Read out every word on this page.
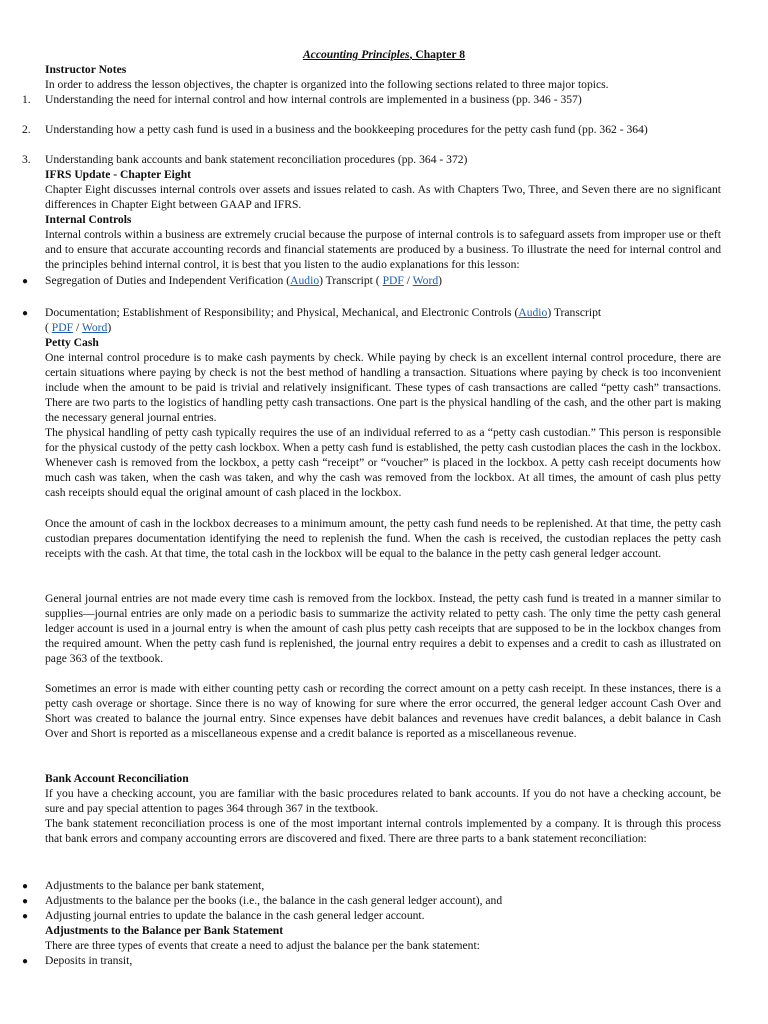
Accounting Principles, Chapter 8
Instructor Notes
In order to address the lesson objectives, the chapter is organized into the following sections related to three major topics.
1. Understanding the need for internal control and how internal controls are implemented in a business (pp. 346 - 357)
2. Understanding how a petty cash fund is used in a business and the bookkeeping procedures for the petty cash fund (pp. 362 - 364)
3. Understanding bank accounts and bank statement reconciliation procedures (pp. 364 - 372)
IFRS Update - Chapter Eight
Chapter Eight discusses internal controls over assets and issues related to cash. As with Chapters Two, Three, and Seven there are no significant differences in Chapter Eight between GAAP and IFRS.
Internal Controls
Internal controls within a business are extremely crucial because the purpose of internal controls is to safeguard assets from improper use or theft and to ensure that accurate accounting records and financial statements are produced by a business. To illustrate the need for internal control and the principles behind internal control, it is best that you listen to the audio explanations for this lesson:
● Segregation of Duties and Independent Verification (Audio) Transcript ( PDF / Word)
● Documentation; Establishment of Responsibility; and Physical, Mechanical, and Electronic Controls (Audio) Transcript
( PDF / Word)
Petty Cash
One internal control procedure is to make cash payments by check. While paying by check is an excellent internal control procedure, there are certain situations where paying by check is not the best method of handling a transaction. Situations where paying by check is too inconvenient include when the amount to be paid is trivial and relatively insignificant. These types of cash transactions are called “petty cash” transactions. There are two parts to the logistics of handling petty cash transactions. One part is the physical handling of the cash, and the other part is making the necessary general journal entries.
The physical handling of petty cash typically requires the use of an individual referred to as a “petty cash custodian.” This person is responsible for the physical custody of the petty cash lockbox. When a petty cash fund is established, the petty cash custodian places the cash in the lockbox. Whenever cash is removed from the lockbox, a petty cash “receipt” or “voucher” is placed in the lockbox. A petty cash receipt documents how much cash was taken, when the cash was taken, and why the cash was removed from the lockbox. At all times, the amount of cash plus petty cash receipts should equal the original amount of cash placed in the lockbox.
Once the amount of cash in the lockbox decreases to a minimum amount, the petty cash fund needs to be replenished. At that time, the petty cash custodian prepares documentation identifying the need to replenish the fund. When the cash is received, the custodian replaces the petty cash receipts with the cash. At that time, the total cash in the lockbox will be equal to the balance in the petty cash general ledger account.
General journal entries are not made every time cash is removed from the lockbox. Instead, the petty cash fund is treated in a manner similar to supplies—journal entries are only made on a periodic basis to summarize the activity related to petty cash. The only time the petty cash general ledger account is used in a journal entry is when the amount of cash plus petty cash receipts that are supposed to be in the lockbox changes from the required amount. When the petty cash fund is replenished, the journal entry requires a debit to expenses and a credit to cash as illustrated on page 363 of the textbook.
Sometimes an error is made with either counting petty cash or recording the correct amount on a petty cash receipt. In these instances, there is a petty cash overage or shortage. Since there is no way of knowing for sure where the error occurred, the general ledger account Cash Over and Short was created to balance the journal entry. Since expenses have debit balances and revenues have credit balances, a debit balance in Cash Over and Short is reported as a miscellaneous expense and a credit balance is reported as a miscellaneous revenue.
Bank Account Reconciliation
If you have a checking account, you are familiar with the basic procedures related to bank accounts. If you do not have a checking account, be sure and pay special attention to pages 364 through 367 in the textbook.
The bank statement reconciliation process is one of the most important internal controls implemented by a company. It is through this process that bank errors and company accounting errors are discovered and fixed. There are three parts to a bank statement reconciliation:
● Adjustments to the balance per bank statement,
● Adjustments to the balance per the books (i.e., the balance in the cash general ledger account), and
● Adjusting journal entries to update the balance in the cash general ledger account.
Adjustments to the Balance per Bank Statement
There are three types of events that create a need to adjust the balance per the bank statement:
● Deposits in transit,
